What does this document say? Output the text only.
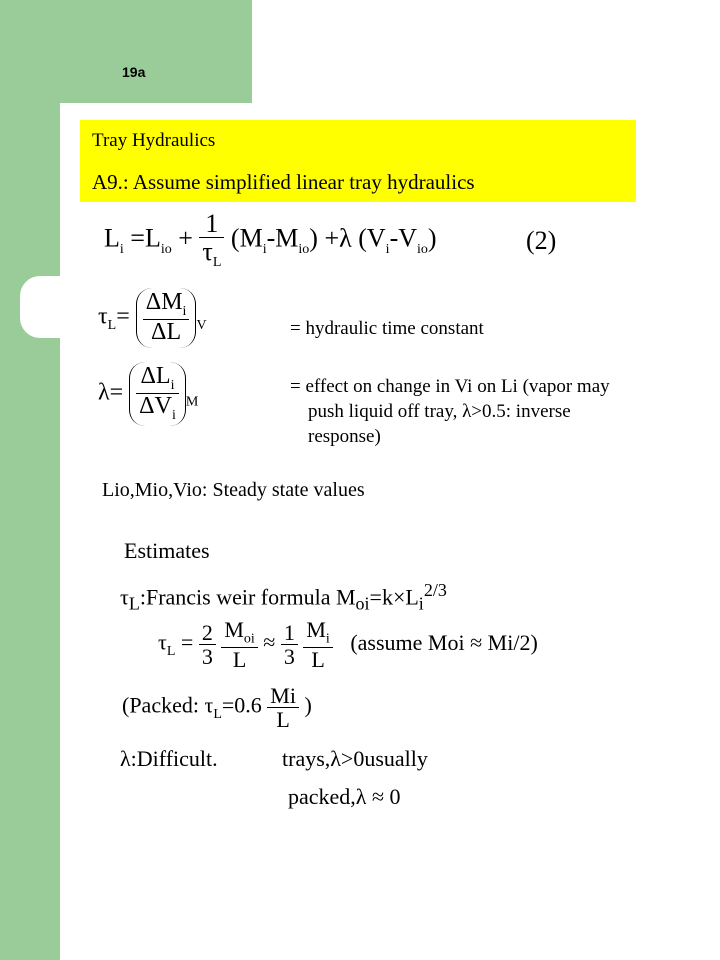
19a
Tray Hydraulics
A9.: Assume simplified linear tray hydraulics
$L_i =L_{io} + \frac{1}{\tau_L} (M_i-M_{io}) +\lambda$ $(V_i-V_{io})$	(2)
$\tau_L= \frac{\Delta M_i}{\Delta L} _V$	= hydraulic time constant
$\lambda= \frac{\Delta L_i}{\Delta V_i} _M$
= effect on change in Vi on Li (vapor may
push liquid off tray, λ>0.5: inverse
response)
Lio,Mio,Vio: Steady state values
Estimates
$\tau_L:Francis$ weir formula $M_{oi}=k\times L_i^{2/3}$
$\tau_L = \frac{2}{3}$
$\frac{M_{oi}}{L} \approx \frac{1}{3}$
$\frac{M_i}{L}$ (assume Moi ≈ Mi/2)
(Packed: $\tau_L=0.6 \frac{Mi}{L}$ )
λ:Difficult.	trays,λ>0usually
packed,λ ≈ 0
